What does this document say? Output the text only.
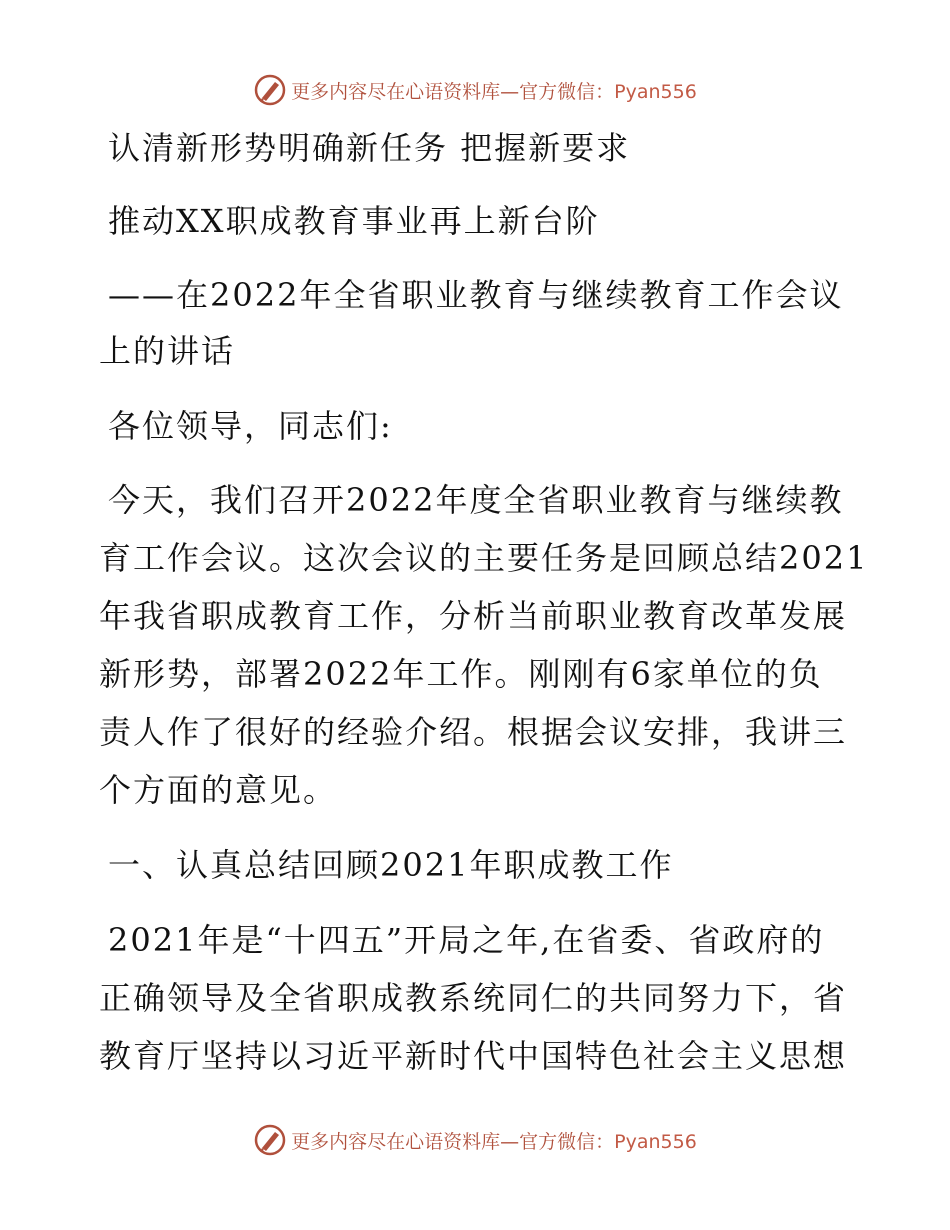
更多内容尽在心语资料库—官方微信：Pyan556
认清新形势明确新任务 把握新要求
推动XX职成教育事业再上新台阶
——在2022年全省职业教育与继续教育工作会议
上的讲话
各位领导，同志们:
今天，我们召开2022年度全省职业教育与继续教
育工作会议。这次会议的主要任务是回顾总结2021
年我省职成教育工作，分析当前职业教育改革发展
新形势，部署2022年工作。刚刚有6家单位的负
责人作了很好的经验介绍。根据会议安排，我讲三
个方面的意见。
一、认真总结回顾2021年职成教工作
2021年是“十四五”开局之年,在省委、省政府的
正确领导及全省职成教系统同仁的共同努力下，省
教育厅坚持以习近平新时代中国特色社会主义思想
更多内容尽在心语资料库—官方微信：Pyan556
